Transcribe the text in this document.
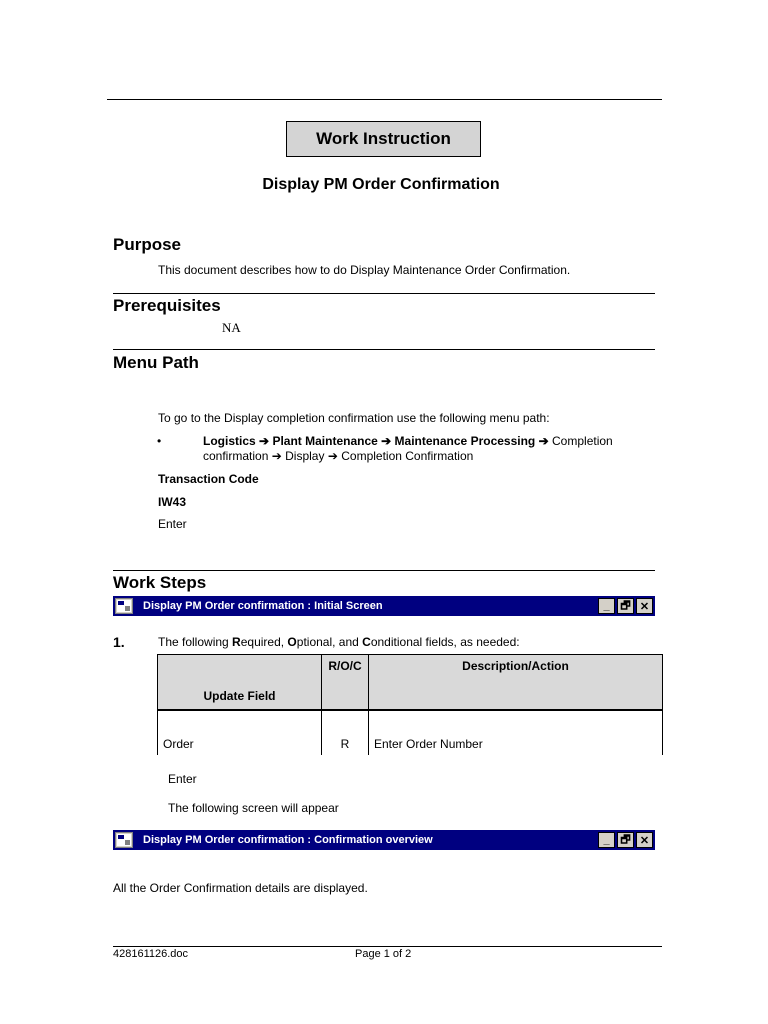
Work Instruction
Display PM Order Confirmation
Purpose
This document describes how to do Display Maintenance Order Confirmation.
Prerequisites
NA
Menu Path
To go to the Display completion confirmation use the following menu path:
•	Logistics ➔ Plant Maintenance ➔ Maintenance Processing ➔ Completion
confirmation ➔ Display ➔ Completion Confirmation
Transaction Code
IW43
Enter
Work Steps
Display PM Order confirmation : Initial Screen	_ 🗗 ✕
1.	The following Required, Optional, and Conditional fields, as needed:
Update Field	R/O/C	Description/Action

Order	R	Enter Order Number
Enter
The following screen will appear
Display PM Order confirmation : Confirmation overview	_ 🗗 ✕
All the Order Confirmation details are displayed.
428161126.doc	Page 1 of 2
